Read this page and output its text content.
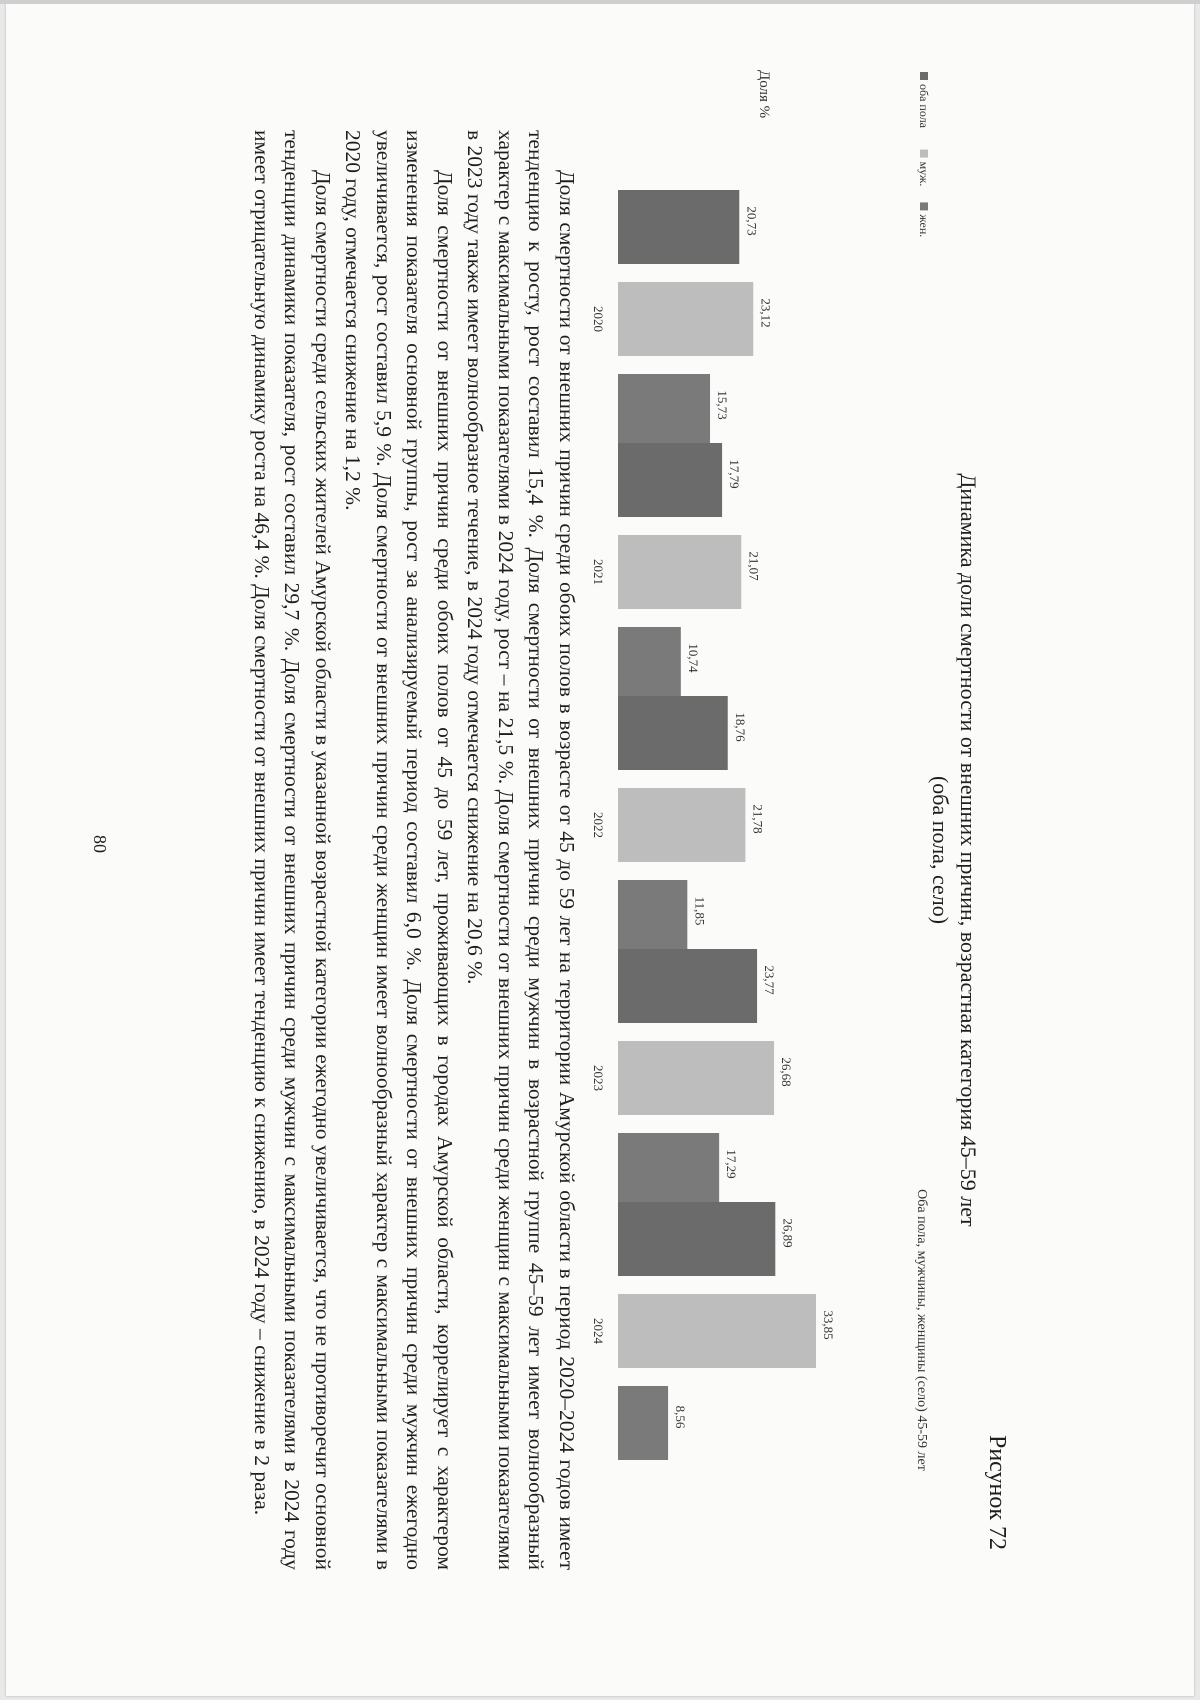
80
Рисунок 72
Динамика доли смертности от внешних причин, возрастная категория 45–59 лет
(оба пола, село)
Доля %
Оба пола, мужчины, женщины (село) 45-59 лет
оба пола
муж.
жен.
20,73
23,12
15,73
2020
17,79
21,07
10,74
2021
18,76
21,78
11,85
2022
23,77
26,68
17,29
2023
26,89
33,85
8,56
2024

Доля смертности от внешних причин среди обоих полов в возрасте от 45 до 59 лет на территории Амурской области в период 2020–2024 годов имеет тенденцию к росту, рост составил 15,4 %. Доля смертности от внешних причин среди мужчин в возрастной группе 45–59 лет имеет волнообразный характер с максимальными показателями в 2024 году, рост – на 21,5 %. Доля смертности от внешних причин среди женщин с максимальными показателями в 2023 году также имеет волнообразное течение, в 2024 году отмечается снижение на 20,6 %.

Доля смертности от внешних причин среди обоих полов от 45 до 59 лет, проживающих в городах Амурской области, коррелирует с характером изменения показателя основной группы, рост за анализируемый период составил 6,0 %. Доля смертности от внешних причин среди мужчин ежегодно увеличивается, рост составил 5,9 %. Доля смертности от внешних причин среди женщин имеет волнообразный характер с максимальными показателями в 2020 году, отмечается снижение на 1,2 %.

Доля смертности среди сельских жителей Амурской области в указанной возрастной категории ежегодно увеличивается, что не противоречит основной тенденции динамики показателя, рост составил 29,7 %. Доля смертности от внешних причин среди мужчин с максимальными показателями в 2024 году имеет отрицательную динамику роста на 46,4 %. Доля смертности от внешних причин имеет тенденцию к снижению, в 2024 году – снижение в 2 раза.
